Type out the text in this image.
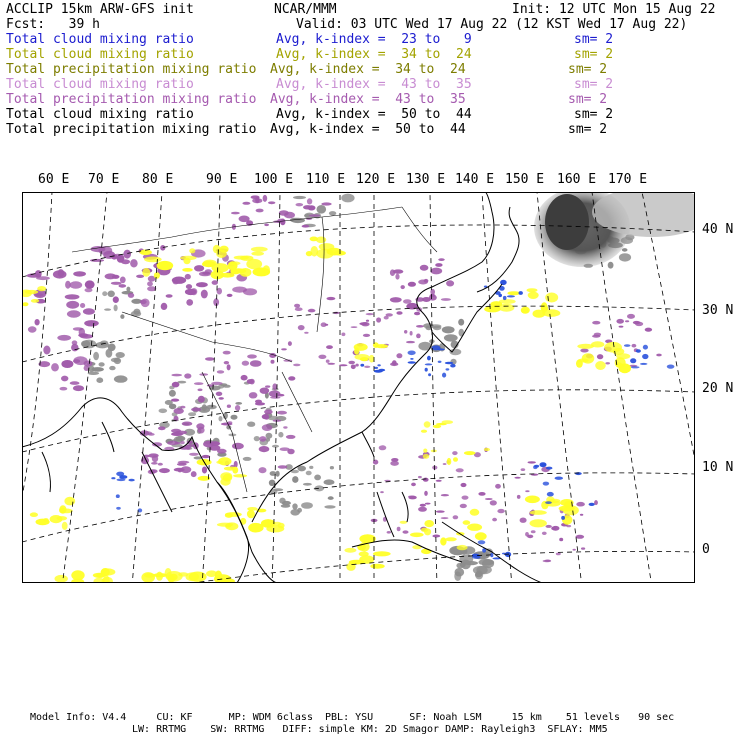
ACCLIP 15km ARW-GFS init	NCAR/MMM	Init: 12 UTC Mon 15 Aug 22
Fcst:   39 h	Valid: 03 UTC Wed 17 Aug 22 (12 KST Wed 17 Aug 22)
Total cloud mixing ratio	Avg, k-index =  23 to   9	sm= 2
Total cloud mixing ratio	Avg, k-index =  34 to  24	sm= 2
Total precipitation mixing ratio Avg, k-index =  34 to  24	sm= 2
Total cloud mixing ratio	Avg, k-index =  43 to  35	sm= 2
Total precipitation mixing ratio Avg, k-index =  43 to  35	sm= 2
Total cloud mixing ratio	Avg, k-index =  50 to  44	sm= 2
Total precipitation mixing ratio Avg, k-index =  50 to  44	sm= 2
60 E 70 E 80 E	90 E 100 E 110 E 120 E 130 E 140 E 150 E 160 E 170 E
40 N
30 N
20 N
10 N
0
Model Info: V4.4     CU: KF      MP: WDM 6class  PBL: YSU      SF: Noah LSM     15 km    51 levels   90 sec
LW: RRTMG    SW: RRTMG   DIFF: simple KM: 2D Smagor DAMP: Rayleigh3  SFLAY: MM5
